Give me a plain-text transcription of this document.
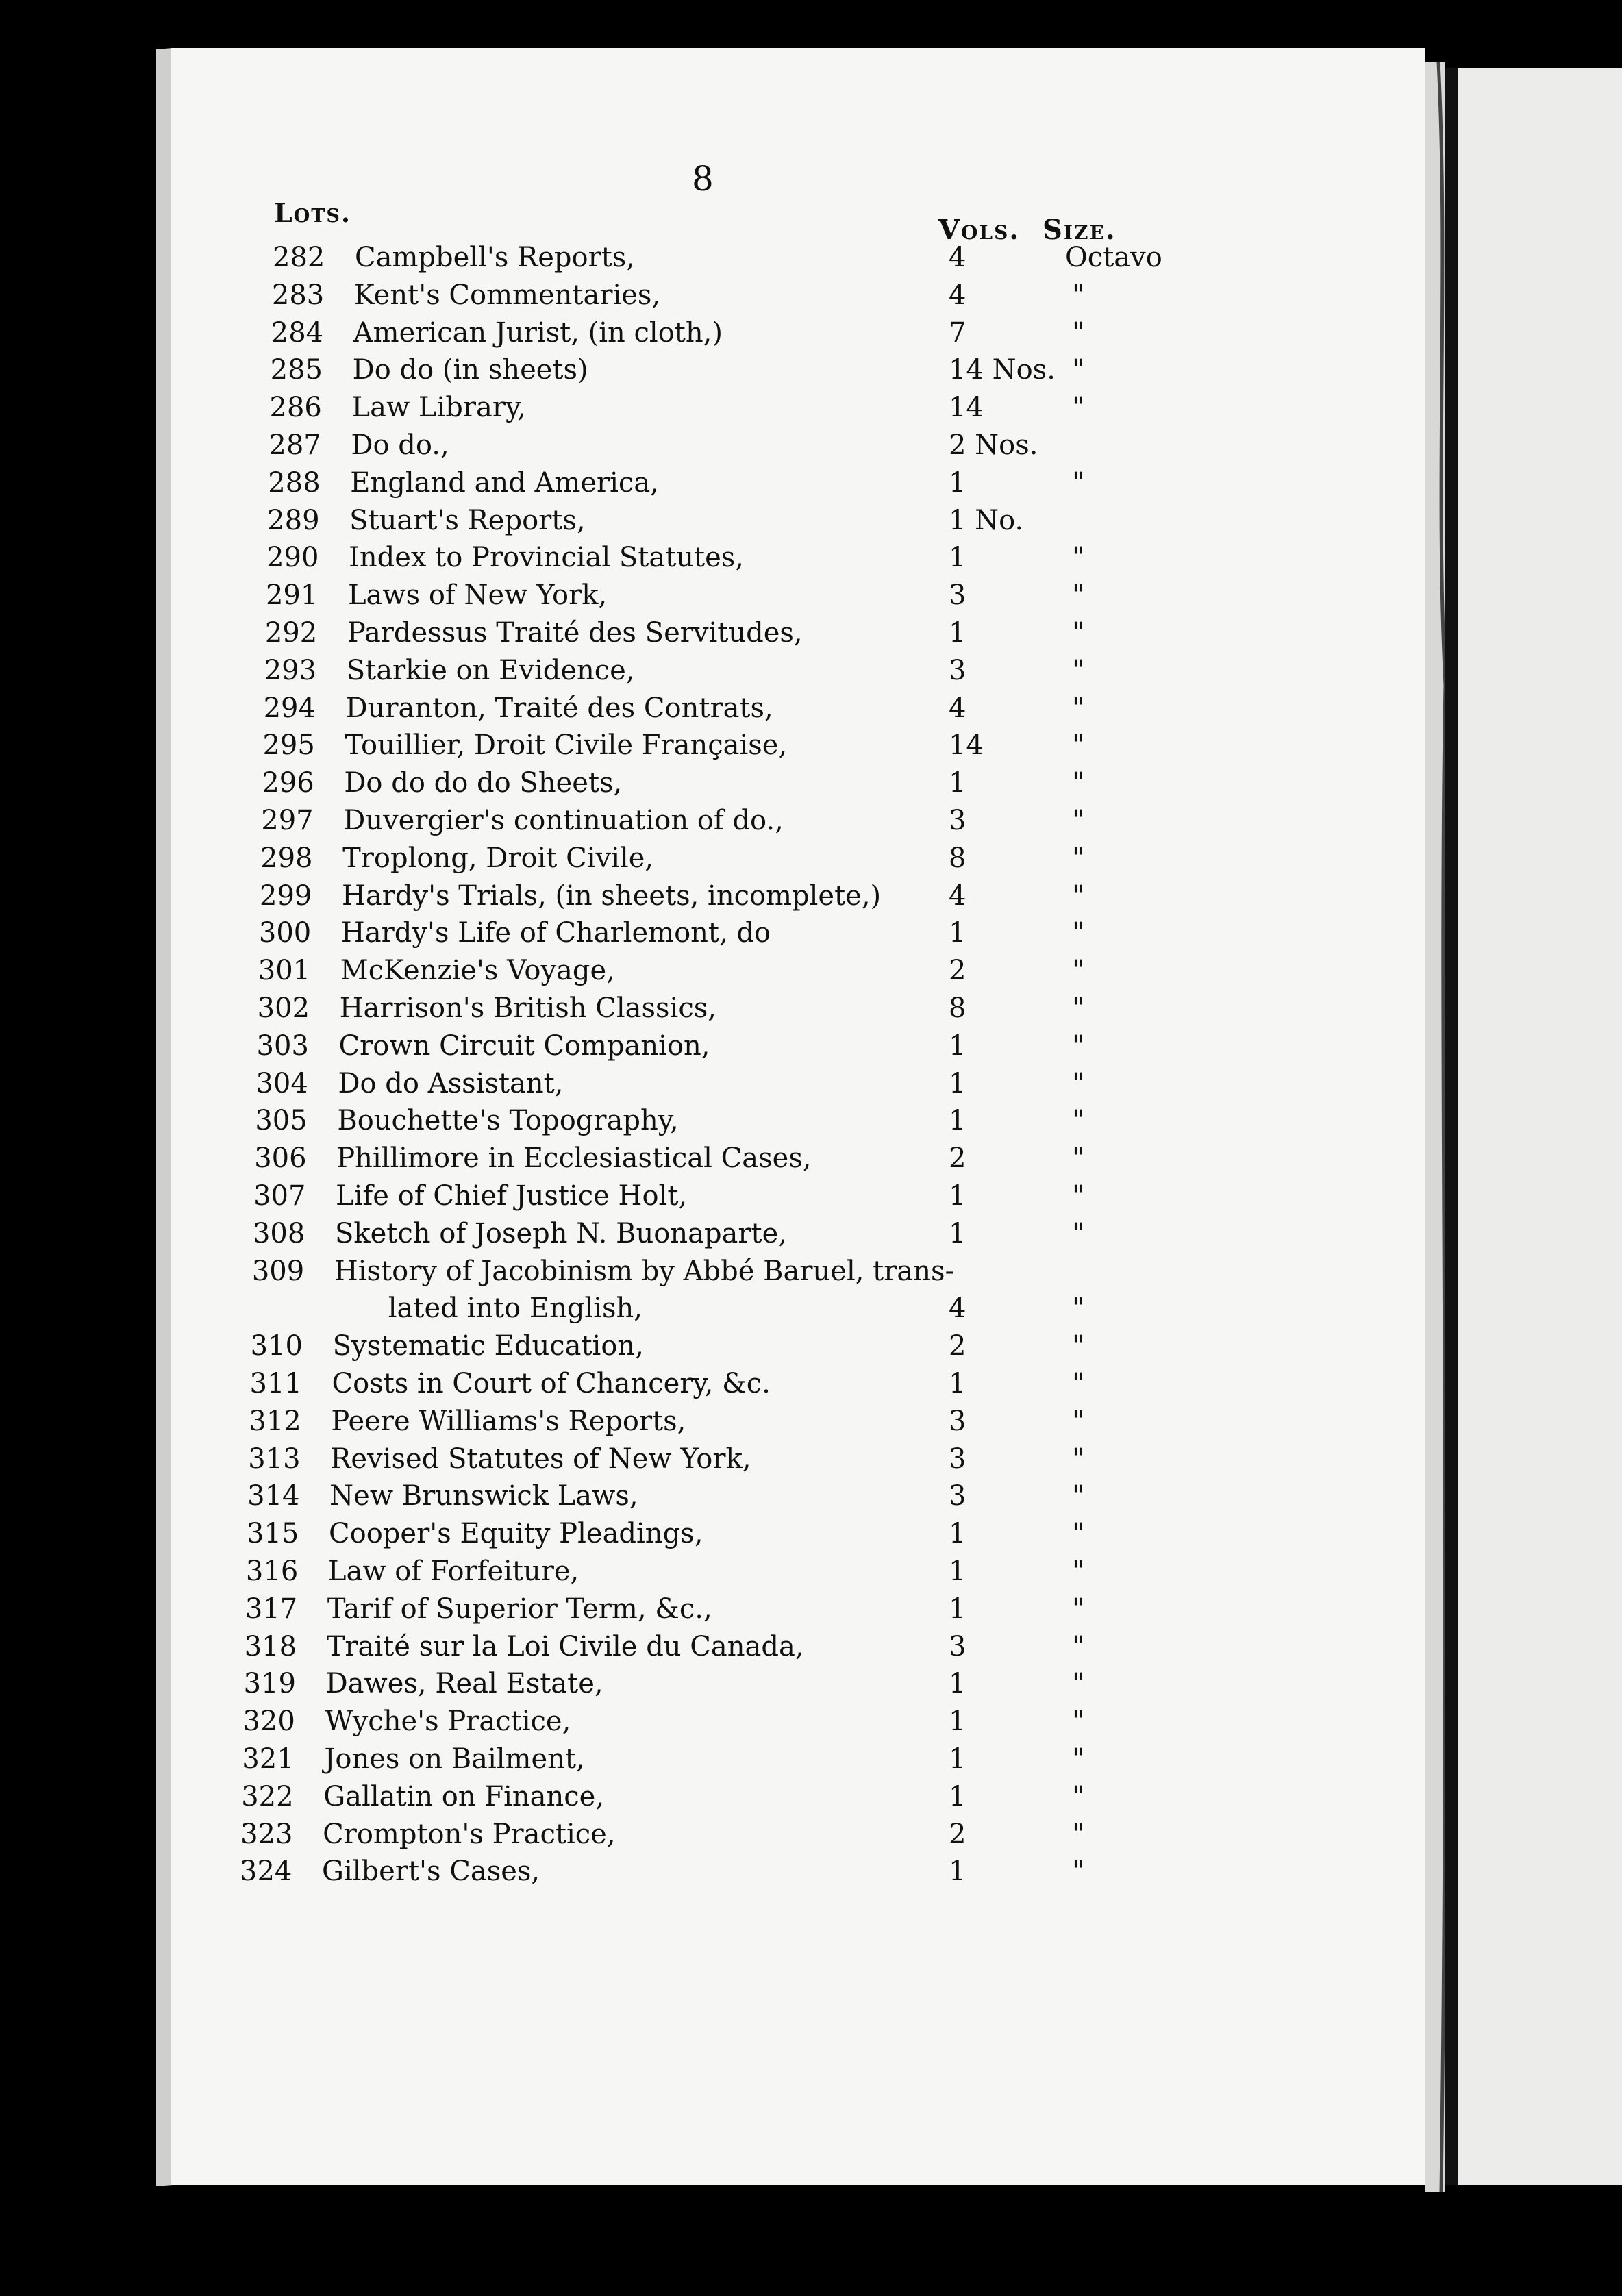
8
Lots.
Vols. Size.
282	Campbell's Reports,	4	Octavo
283	Kent's Commentaries,	4	"
284	American Jurist, (in cloth,)	7	"
285	Do do (in sheets)	14 Nos. "
286	Law Library,	14	"
287	Do do.,	2 Nos.
288	England and America,	1	"
289	Stuart's Reports,	1 No.
290	Index to Provincial Statutes,	1	"
291	Laws of New York,	3	"
292	Pardessus Traité des Servitudes,	1	"
293	Starkie on Evidence,	3	"
294	Duranton, Traité des Contrats,	4	"
295	Touillier, Droit Civile Française,	14	"
296	Do do do do Sheets,	1	"
297	Duvergier's continuation of do.,	3	"
298	Troplong, Droit Civile,	8	"
299	Hardy's Trials, (in sheets, incomplete,) 4	"
300	Hardy's Life of Charlemont, do	1	"
301	McKenzie's Voyage,	2	"
302	Harrison's British Classics,	8	"
303	Crown Circuit Companion,	1	"
304	Do do Assistant,	1	"
305	Bouchette's Topography,	1	"
306	Phillimore in Ecclesiastical Cases,	2	"
307	Life of Chief Justice Holt,	1	"
308	Sketch of Joseph N. Buonaparte,	1	"
309	History of Jacobinism by Abbé Baruel, trans-
lated into English,	4	"
310	Systematic Education,	2	"
311	Costs in Court of Chancery, &c.	1	"
312	Peere Williams's Reports,	3	"
313	Revised Statutes of New York,	3	"
314	New Brunswick Laws,	3	"
315	Cooper's Equity Pleadings,	1	"
316	Law of Forfeiture,	1	"
317	Tarif of Superior Term, &c.,	1	"
318	Traité sur la Loi Civile du Canada,	3	"
319	Dawes, Real Estate,	1	"
320	Wyche's Practice,	1	"
321	Jones on Bailment,	1	"
322	Gallatin on Finance,	1	"
323	Crompton's Practice,	2	"
324	Gilbert's Cases,	1	"
